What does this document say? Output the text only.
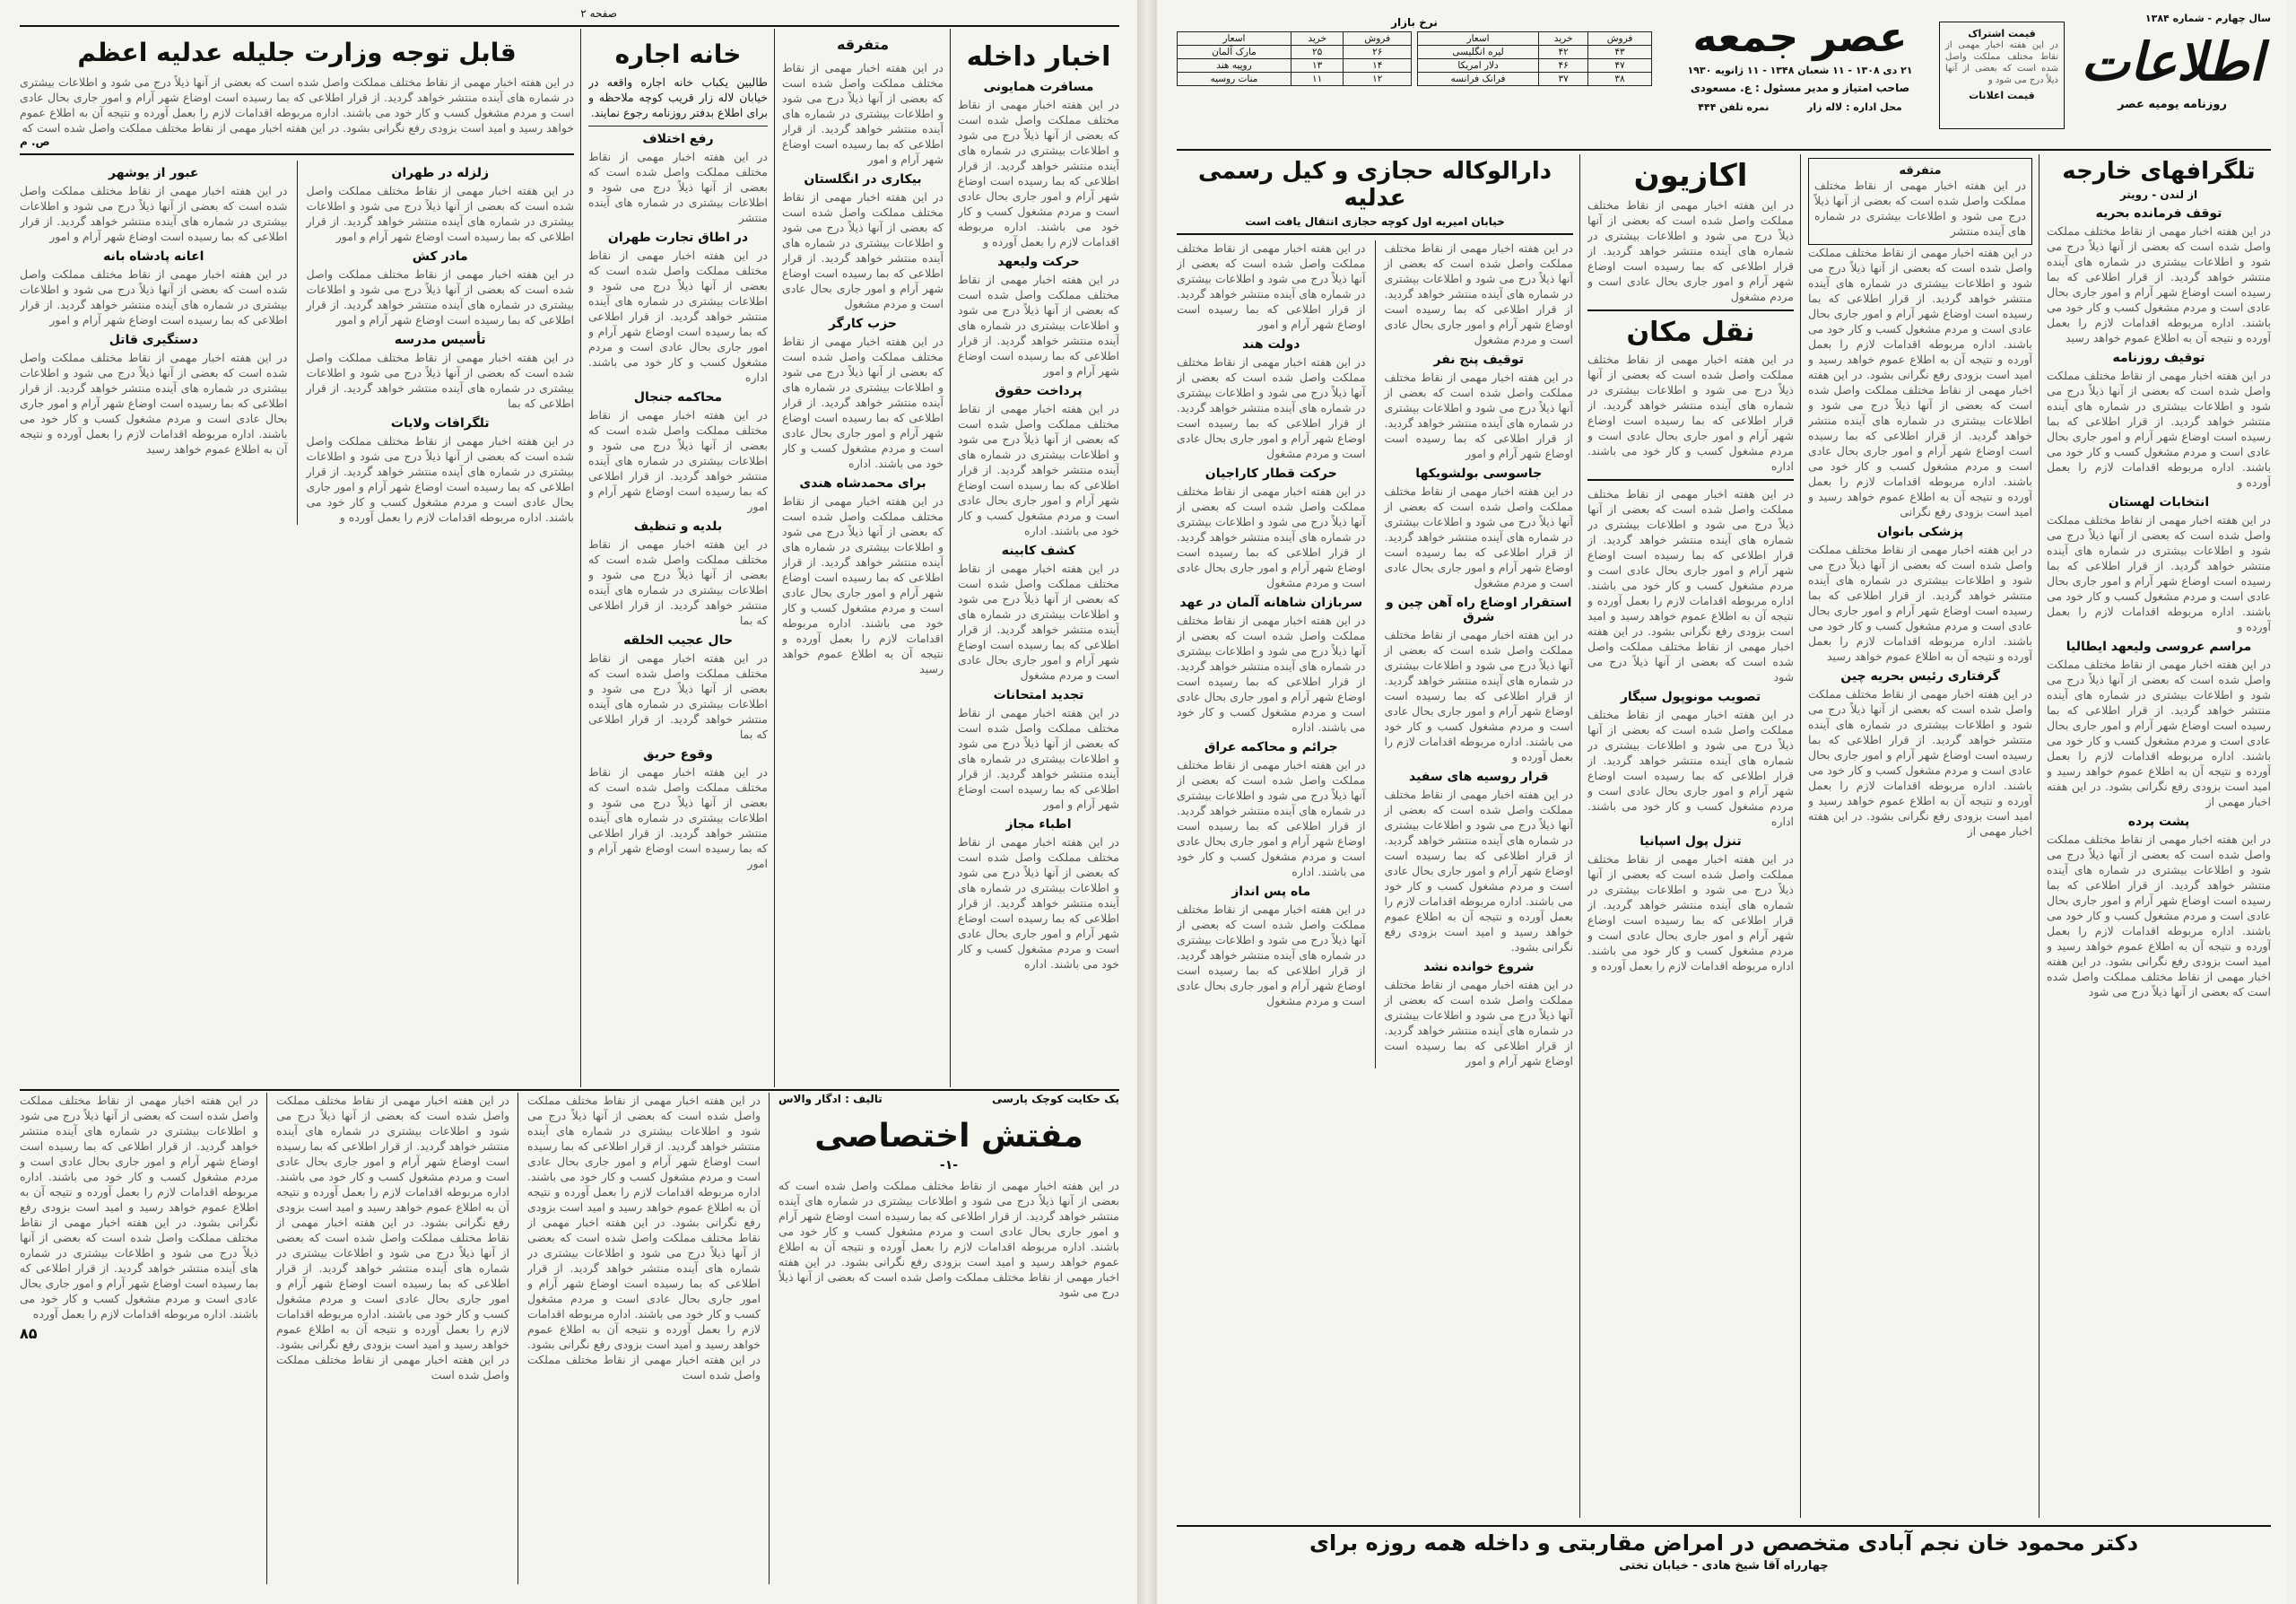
صفحه ۲
اخبار داخله
مسافرت همایونی
در این هفته اخبار مهمی از نقاط مختلف مملکت واصل شده است که بعضی از آنها ذیلاً درج می شود و اطلاعات بیشتری در شماره های آینده منتشر خواهد گردید. از قرار اطلاعی که بما رسیده است اوضاع شهر آرام و امور جاری بحال عادی است و مردم مشغول کسب و کار خود می باشند. اداره مربوطه اقدامات لازم را بعمل آورده و
حرکت ولیعهد
در این هفته اخبار مهمی از نقاط مختلف مملکت واصل شده است که بعضی از آنها ذیلاً درج می شود و اطلاعات بیشتری در شماره های آینده منتشر خواهد گردید. از قرار اطلاعی که بما رسیده است اوضاع شهر آرام و امور
پرداخت حقوق
در این هفته اخبار مهمی از نقاط مختلف مملکت واصل شده است که بعضی از آنها ذیلاً درج می شود و اطلاعات بیشتری در شماره های آینده منتشر خواهد گردید. از قرار اطلاعی که بما رسیده است اوضاع شهر آرام و امور جاری بحال عادی است و مردم مشغول کسب و کار خود می باشند. اداره
کشف کابینه
در این هفته اخبار مهمی از نقاط مختلف مملکت واصل شده است که بعضی از آنها ذیلاً درج می شود و اطلاعات بیشتری در شماره های آینده منتشر خواهد گردید. از قرار اطلاعی که بما رسیده است اوضاع شهر آرام و امور جاری بحال عادی است و مردم مشغول
تجدید امتحانات
در این هفته اخبار مهمی از نقاط مختلف مملکت واصل شده است که بعضی از آنها ذیلاً درج می شود و اطلاعات بیشتری در شماره های آینده منتشر خواهد گردید. از قرار اطلاعی که بما رسیده است اوضاع شهر آرام و امور
اطباء مجاز
در این هفته اخبار مهمی از نقاط مختلف مملکت واصل شده است که بعضی از آنها ذیلاً درج می شود و اطلاعات بیشتری در شماره های آینده منتشر خواهد گردید. از قرار اطلاعی که بما رسیده است اوضاع شهر آرام و امور جاری بحال عادی است و مردم مشغول کسب و کار خود می باشند. اداره
متفرقه
در این هفته اخبار مهمی از نقاط مختلف مملکت واصل شده است که بعضی از آنها ذیلاً درج می شود و اطلاعات بیشتری در شماره های آینده منتشر خواهد گردید. از قرار اطلاعی که بما رسیده است اوضاع شهر آرام و امور
بیکاری در انگلستان
در این هفته اخبار مهمی از نقاط مختلف مملکت واصل شده است که بعضی از آنها ذیلاً درج می شود و اطلاعات بیشتری در شماره های آینده منتشر خواهد گردید. از قرار اطلاعی که بما رسیده است اوضاع شهر آرام و امور جاری بحال عادی است و مردم مشغول
حزب کارگر
در این هفته اخبار مهمی از نقاط مختلف مملکت واصل شده است که بعضی از آنها ذیلاً درج می شود و اطلاعات بیشتری در شماره های آینده منتشر خواهد گردید. از قرار اطلاعی که بما رسیده است اوضاع شهر آرام و امور جاری بحال عادی است و مردم مشغول کسب و کار خود می باشند. اداره
برای محمدشاه هندی
در این هفته اخبار مهمی از نقاط مختلف مملکت واصل شده است که بعضی از آنها ذیلاً درج می شود و اطلاعات بیشتری در شماره های آینده منتشر خواهد گردید. از قرار اطلاعی که بما رسیده است اوضاع شهر آرام و امور جاری بحال عادی است و مردم مشغول کسب و کار خود می باشند. اداره مربوطه اقدامات لازم را بعمل آورده و نتیجه آن به اطلاع عموم خواهد رسید
خانه اجاره
طالبین یکباب خانه اجاره واقعه در خیابان لاله زار قریب کوچه ملاحظه و برای اطلاع بدفتر روزنامه رجوع نمایند.
رفع اختلاف
در این هفته اخبار مهمی از نقاط مختلف مملکت واصل شده است که بعضی از آنها ذیلاً درج می شود و اطلاعات بیشتری در شماره های آینده منتشر
در اطاق تجارت طهران
در این هفته اخبار مهمی از نقاط مختلف مملکت واصل شده است که بعضی از آنها ذیلاً درج می شود و اطلاعات بیشتری در شماره های آینده منتشر خواهد گردید. از قرار اطلاعی که بما رسیده است اوضاع شهر آرام و امور جاری بحال عادی است و مردم مشغول کسب و کار خود می باشند. اداره
محاکمه جنجال
در این هفته اخبار مهمی از نقاط مختلف مملکت واصل شده است که بعضی از آنها ذیلاً درج می شود و اطلاعات بیشتری در شماره های آینده منتشر خواهد گردید. از قرار اطلاعی که بما رسیده است اوضاع شهر آرام و امور
بلدیه و تنظیف
در این هفته اخبار مهمی از نقاط مختلف مملکت واصل شده است که بعضی از آنها ذیلاً درج می شود و اطلاعات بیشتری در شماره های آینده منتشر خواهد گردید. از قرار اطلاعی که بما
حال عجیب الخلقه
در این هفته اخبار مهمی از نقاط مختلف مملکت واصل شده است که بعضی از آنها ذیلاً درج می شود و اطلاعات بیشتری در شماره های آینده منتشر خواهد گردید. از قرار اطلاعی که بما
وقوع حریق
در این هفته اخبار مهمی از نقاط مختلف مملکت واصل شده است که بعضی از آنها ذیلاً درج می شود و اطلاعات بیشتری در شماره های آینده منتشر خواهد گردید. از قرار اطلاعی که بما رسیده است اوضاع شهر آرام و امور
قابل توجه وزارت جلیله عدلیه اعظم
در این هفته اخبار مهمی از نقاط مختلف مملکت واصل شده است که بعضی از آنها ذیلاً درج می شود و اطلاعات بیشتری در شماره های آینده منتشر خواهد گردید. از قرار اطلاعی که بما رسیده است اوضاع شهر آرام و امور جاری بحال عادی است و مردم مشغول کسب و کار خود می باشند. اداره مربوطه اقدامات لازم را بعمل آورده و نتیجه آن به اطلاع عموم خواهد رسید و امید است بزودی رفع نگرانی بشود. در این هفته اخبار مهمی از نقاط مختلف مملکت واصل شده است که
ص. م
زلزله در طهران
در این هفته اخبار مهمی از نقاط مختلف مملکت واصل شده است که بعضی از آنها ذیلاً درج می شود و اطلاعات بیشتری در شماره های آینده منتشر خواهد گردید. از قرار اطلاعی که بما رسیده است اوضاع شهر آرام و امور
مادر کش
در این هفته اخبار مهمی از نقاط مختلف مملکت واصل شده است که بعضی از آنها ذیلاً درج می شود و اطلاعات بیشتری در شماره های آینده منتشر خواهد گردید. از قرار اطلاعی که بما رسیده است اوضاع شهر آرام و امور
تأسیس مدرسه
در این هفته اخبار مهمی از نقاط مختلف مملکت واصل شده است که بعضی از آنها ذیلاً درج می شود و اطلاعات بیشتری در شماره های آینده منتشر خواهد گردید. از قرار اطلاعی که بما
تلگرافات ولایات
در این هفته اخبار مهمی از نقاط مختلف مملکت واصل شده است که بعضی از آنها ذیلاً درج می شود و اطلاعات بیشتری در شماره های آینده منتشر خواهد گردید. از قرار اطلاعی که بما رسیده است اوضاع شهر آرام و امور جاری بحال عادی است و مردم مشغول کسب و کار خود می باشند. اداره مربوطه اقدامات لازم را بعمل آورده و
عبور از یوشهر
در این هفته اخبار مهمی از نقاط مختلف مملکت واصل شده است که بعضی از آنها ذیلاً درج می شود و اطلاعات بیشتری در شماره های آینده منتشر خواهد گردید. از قرار اطلاعی که بما رسیده است اوضاع شهر آرام و امور
اعانه پادشاه بانه
در این هفته اخبار مهمی از نقاط مختلف مملکت واصل شده است که بعضی از آنها ذیلاً درج می شود و اطلاعات بیشتری در شماره های آینده منتشر خواهد گردید. از قرار اطلاعی که بما رسیده است اوضاع شهر آرام و امور
دستگیری قاتل
در این هفته اخبار مهمی از نقاط مختلف مملکت واصل شده است که بعضی از آنها ذیلاً درج می شود و اطلاعات بیشتری در شماره های آینده منتشر خواهد گردید. از قرار اطلاعی که بما رسیده است اوضاع شهر آرام و امور جاری بحال عادی است و مردم مشغول کسب و کار خود می باشند. اداره مربوطه اقدامات لازم را بعمل آورده و نتیجه آن به اطلاع عموم خواهد رسید
یک حکایت کوچک پارسی
تالیف : ادگار والاس
مفتش اختصاصی
-۱-
در این هفته اخبار مهمی از نقاط مختلف مملکت واصل شده است که بعضی از آنها ذیلاً درج می شود و اطلاعات بیشتری در شماره های آینده منتشر خواهد گردید. از قرار اطلاعی که بما رسیده است اوضاع شهر آرام و امور جاری بحال عادی است و مردم مشغول کسب و کار خود می باشند. اداره مربوطه اقدامات لازم را بعمل آورده و نتیجه آن به اطلاع عموم خواهد رسید و امید است بزودی رفع نگرانی بشود. در این هفته اخبار مهمی از نقاط مختلف مملکت واصل شده است که بعضی از آنها ذیلاً درج می شود
در این هفته اخبار مهمی از نقاط مختلف مملکت واصل شده است که بعضی از آنها ذیلاً درج می شود و اطلاعات بیشتری در شماره های آینده منتشر خواهد گردید. از قرار اطلاعی که بما رسیده است اوضاع شهر آرام و امور جاری بحال عادی است و مردم مشغول کسب و کار خود می باشند. اداره مربوطه اقدامات لازم را بعمل آورده و نتیجه آن به اطلاع عموم خواهد رسید و امید است بزودی رفع نگرانی بشود. در این هفته اخبار مهمی از نقاط مختلف مملکت واصل شده است که بعضی از آنها ذیلاً درج می شود و اطلاعات بیشتری در شماره های آینده منتشر خواهد گردید. از قرار اطلاعی که بما رسیده است اوضاع شهر آرام و امور جاری بحال عادی است و مردم مشغول کسب و کار خود می باشند. اداره مربوطه اقدامات لازم را بعمل آورده و نتیجه آن به اطلاع عموم خواهد رسید و امید است بزودی رفع نگرانی بشود. در این هفته اخبار مهمی از نقاط مختلف مملکت واصل شده است
در این هفته اخبار مهمی از نقاط مختلف مملکت واصل شده است که بعضی از آنها ذیلاً درج می شود و اطلاعات بیشتری در شماره های آینده منتشر خواهد گردید. از قرار اطلاعی که بما رسیده است اوضاع شهر آرام و امور جاری بحال عادی است و مردم مشغول کسب و کار خود می باشند. اداره مربوطه اقدامات لازم را بعمل آورده و نتیجه آن به اطلاع عموم خواهد رسید و امید است بزودی رفع نگرانی بشود. در این هفته اخبار مهمی از نقاط مختلف مملکت واصل شده است که بعضی از آنها ذیلاً درج می شود و اطلاعات بیشتری در شماره های آینده منتشر خواهد گردید. از قرار اطلاعی که بما رسیده است اوضاع شهر آرام و امور جاری بحال عادی است و مردم مشغول کسب و کار خود می باشند. اداره مربوطه اقدامات لازم را بعمل آورده و نتیجه آن به اطلاع عموم خواهد رسید و امید است بزودی رفع نگرانی بشود. در این هفته اخبار مهمی از نقاط مختلف مملکت واصل شده است
در این هفته اخبار مهمی از نقاط مختلف مملکت واصل شده است که بعضی از آنها ذیلاً درج می شود و اطلاعات بیشتری در شماره های آینده منتشر خواهد گردید. از قرار اطلاعی که بما رسیده است اوضاع شهر آرام و امور جاری بحال عادی است و مردم مشغول کسب و کار خود می باشند. اداره مربوطه اقدامات لازم را بعمل آورده و نتیجه آن به اطلاع عموم خواهد رسید و امید است بزودی رفع نگرانی بشود. در این هفته اخبار مهمی از نقاط مختلف مملکت واصل شده است که بعضی از آنها ذیلاً درج می شود و اطلاعات بیشتری در شماره های آینده منتشر خواهد گردید. از قرار اطلاعی که بما رسیده است اوضاع شهر آرام و امور جاری بحال عادی است و مردم مشغول کسب و کار خود می باشند. اداره مربوطه اقدامات لازم را بعمل آورده
۸۵
سال چهارم - شماره ۱۳۸۴
اطلاعات
روزنامه یومیه عصر
قیمت اشتراک
در این هفته اخبار مهمی از نقاط مختلف مملکت واصل شده است که بعضی از آنها ذیلاً درج می شود و
قیمت اعلانات
عصر جمعه
۲۱ دی ۱۳۰۸ - ۱۱ شعبان ۱۳۴۸ - ۱۱ ژانویه ۱۹۳۰
صاحب امتیاز و مدیر مسئول : ع. مسعودی
محل اداره : لاله زار
نمره تلفن ۴۴۴
نرخ بازار
فروش	خرید	اسعار
۴۳	۴۲	لیره انگلیسی
۴۷	۴۶	دلار امریکا
۳۸	۳۷	فرانک فرانسه
فروش	خرید	اسعار
۲۶	۲۵	مارک آلمان
۱۴	۱۳	روپیه هند
۱۲	۱۱	منات روسیه
تلگرافهای خارجه
از لندن - رویتر
توقف فرمانده بحریه
در این هفته اخبار مهمی از نقاط مختلف مملکت واصل شده است که بعضی از آنها ذیلاً درج می شود و اطلاعات بیشتری در شماره های آینده منتشر خواهد گردید. از قرار اطلاعی که بما رسیده است اوضاع شهر آرام و امور جاری بحال عادی است و مردم مشغول کسب و کار خود می باشند. اداره مربوطه اقدامات لازم را بعمل آورده و نتیجه آن به اطلاع عموم خواهد رسید
توقیف روزنامه
در این هفته اخبار مهمی از نقاط مختلف مملکت واصل شده است که بعضی از آنها ذیلاً درج می شود و اطلاعات بیشتری در شماره های آینده منتشر خواهد گردید. از قرار اطلاعی که بما رسیده است اوضاع شهر آرام و امور جاری بحال عادی است و مردم مشغول کسب و کار خود می باشند. اداره مربوطه اقدامات لازم را بعمل آورده و
انتخابات لهستان
در این هفته اخبار مهمی از نقاط مختلف مملکت واصل شده است که بعضی از آنها ذیلاً درج می شود و اطلاعات بیشتری در شماره های آینده منتشر خواهد گردید. از قرار اطلاعی که بما رسیده است اوضاع شهر آرام و امور جاری بحال عادی است و مردم مشغول کسب و کار خود می باشند. اداره مربوطه اقدامات لازم را بعمل آورده و
مراسم عروسی ولیعهد ایطالیا
در این هفته اخبار مهمی از نقاط مختلف مملکت واصل شده است که بعضی از آنها ذیلاً درج می شود و اطلاعات بیشتری در شماره های آینده منتشر خواهد گردید. از قرار اطلاعی که بما رسیده است اوضاع شهر آرام و امور جاری بحال عادی است و مردم مشغول کسب و کار خود می باشند. اداره مربوطه اقدامات لازم را بعمل آورده و نتیجه آن به اطلاع عموم خواهد رسید و امید است بزودی رفع نگرانی بشود. در این هفته اخبار مهمی از
پشت پرده
در این هفته اخبار مهمی از نقاط مختلف مملکت واصل شده است که بعضی از آنها ذیلاً درج می شود و اطلاعات بیشتری در شماره های آینده منتشر خواهد گردید. از قرار اطلاعی که بما رسیده است اوضاع شهر آرام و امور جاری بحال عادی است و مردم مشغول کسب و کار خود می باشند. اداره مربوطه اقدامات لازم را بعمل آورده و نتیجه آن به اطلاع عموم خواهد رسید و امید است بزودی رفع نگرانی بشود. در این هفته اخبار مهمی از نقاط مختلف مملکت واصل شده است که بعضی از آنها ذیلاً درج می شود
متفرقه
در این هفته اخبار مهمی از نقاط مختلف مملکت واصل شده است که بعضی از آنها ذیلاً درج می شود و اطلاعات بیشتری در شماره های آینده منتشر
در این هفته اخبار مهمی از نقاط مختلف مملکت واصل شده است که بعضی از آنها ذیلاً درج می شود و اطلاعات بیشتری در شماره های آینده منتشر خواهد گردید. از قرار اطلاعی که بما رسیده است اوضاع شهر آرام و امور جاری بحال عادی است و مردم مشغول کسب و کار خود می باشند. اداره مربوطه اقدامات لازم را بعمل آورده و نتیجه آن به اطلاع عموم خواهد رسید و امید است بزودی رفع نگرانی بشود. در این هفته اخبار مهمی از نقاط مختلف مملکت واصل شده است که بعضی از آنها ذیلاً درج می شود و اطلاعات بیشتری در شماره های آینده منتشر خواهد گردید. از قرار اطلاعی که بما رسیده است اوضاع شهر آرام و امور جاری بحال عادی است و مردم مشغول کسب و کار خود می باشند. اداره مربوطه اقدامات لازم را بعمل آورده و نتیجه آن به اطلاع عموم خواهد رسید و امید است بزودی رفع نگرانی
پزشکی بانوان
در این هفته اخبار مهمی از نقاط مختلف مملکت واصل شده است که بعضی از آنها ذیلاً درج می شود و اطلاعات بیشتری در شماره های آینده منتشر خواهد گردید. از قرار اطلاعی که بما رسیده است اوضاع شهر آرام و امور جاری بحال عادی است و مردم مشغول کسب و کار خود می باشند. اداره مربوطه اقدامات لازم را بعمل آورده و نتیجه آن به اطلاع عموم خواهد رسید
گرفتاری رئیس بحریه چین
در این هفته اخبار مهمی از نقاط مختلف مملکت واصل شده است که بعضی از آنها ذیلاً درج می شود و اطلاعات بیشتری در شماره های آینده منتشر خواهد گردید. از قرار اطلاعی که بما رسیده است اوضاع شهر آرام و امور جاری بحال عادی است و مردم مشغول کسب و کار خود می باشند. اداره مربوطه اقدامات لازم را بعمل آورده و نتیجه آن به اطلاع عموم خواهد رسید و امید است بزودی رفع نگرانی بشود. در این هفته اخبار مهمی از
اکازیون
در این هفته اخبار مهمی از نقاط مختلف مملکت واصل شده است که بعضی از آنها ذیلاً درج می شود و اطلاعات بیشتری در شماره های آینده منتشر خواهد گردید. از قرار اطلاعی که بما رسیده است اوضاع شهر آرام و امور جاری بحال عادی است و مردم مشغول
نقل مکان
در این هفته اخبار مهمی از نقاط مختلف مملکت واصل شده است که بعضی از آنها ذیلاً درج می شود و اطلاعات بیشتری در شماره های آینده منتشر خواهد گردید. از قرار اطلاعی که بما رسیده است اوضاع شهر آرام و امور جاری بحال عادی است و مردم مشغول کسب و کار خود می باشند. اداره
در این هفته اخبار مهمی از نقاط مختلف مملکت واصل شده است که بعضی از آنها ذیلاً درج می شود و اطلاعات بیشتری در شماره های آینده منتشر خواهد گردید. از قرار اطلاعی که بما رسیده است اوضاع شهر آرام و امور جاری بحال عادی است و مردم مشغول کسب و کار خود می باشند. اداره مربوطه اقدامات لازم را بعمل آورده و نتیجه آن به اطلاع عموم خواهد رسید و امید است بزودی رفع نگرانی بشود. در این هفته اخبار مهمی از نقاط مختلف مملکت واصل شده است که بعضی از آنها ذیلاً درج می شود
تصویب مونوپول سیگار
در این هفته اخبار مهمی از نقاط مختلف مملکت واصل شده است که بعضی از آنها ذیلاً درج می شود و اطلاعات بیشتری در شماره های آینده منتشر خواهد گردید. از قرار اطلاعی که بما رسیده است اوضاع شهر آرام و امور جاری بحال عادی است و مردم مشغول کسب و کار خود می باشند. اداره
تنزل پول اسپانیا
در این هفته اخبار مهمی از نقاط مختلف مملکت واصل شده است که بعضی از آنها ذیلاً درج می شود و اطلاعات بیشتری در شماره های آینده منتشر خواهد گردید. از قرار اطلاعی که بما رسیده است اوضاع شهر آرام و امور جاری بحال عادی است و مردم مشغول کسب و کار خود می باشند. اداره مربوطه اقدامات لازم را بعمل آورده و
دارالوکاله حجازی و کیل رسمی عدلیه
خیابان امیریه اول کوچه حجازی انتقال یافت است
در این هفته اخبار مهمی از نقاط مختلف مملکت واصل شده است که بعضی از آنها ذیلاً درج می شود و اطلاعات بیشتری در شماره های آینده منتشر خواهد گردید. از قرار اطلاعی که بما رسیده است اوضاع شهر آرام و امور جاری بحال عادی است و مردم مشغول
توقیف پنج نفر
در این هفته اخبار مهمی از نقاط مختلف مملکت واصل شده است که بعضی از آنها ذیلاً درج می شود و اطلاعات بیشتری در شماره های آینده منتشر خواهد گردید. از قرار اطلاعی که بما رسیده است اوضاع شهر آرام و امور
جاسوسی بولشویکها
در این هفته اخبار مهمی از نقاط مختلف مملکت واصل شده است که بعضی از آنها ذیلاً درج می شود و اطلاعات بیشتری در شماره های آینده منتشر خواهد گردید. از قرار اطلاعی که بما رسیده است اوضاع شهر آرام و امور جاری بحال عادی است و مردم مشغول
استقرار اوضاع راه آهن چین و شرق
در این هفته اخبار مهمی از نقاط مختلف مملکت واصل شده است که بعضی از آنها ذیلاً درج می شود و اطلاعات بیشتری در شماره های آینده منتشر خواهد گردید. از قرار اطلاعی که بما رسیده است اوضاع شهر آرام و امور جاری بحال عادی است و مردم مشغول کسب و کار خود می باشند. اداره مربوطه اقدامات لازم را بعمل آورده و
قرار روسیه های سفید
در این هفته اخبار مهمی از نقاط مختلف مملکت واصل شده است که بعضی از آنها ذیلاً درج می شود و اطلاعات بیشتری در شماره های آینده منتشر خواهد گردید. از قرار اطلاعی که بما رسیده است اوضاع شهر آرام و امور جاری بحال عادی است و مردم مشغول کسب و کار خود می باشند. اداره مربوطه اقدامات لازم را بعمل آورده و نتیجه آن به اطلاع عموم خواهد رسید و امید است بزودی رفع نگرانی بشود.
شروع خوانده نشد
در این هفته اخبار مهمی از نقاط مختلف مملکت واصل شده است که بعضی از آنها ذیلاً درج می شود و اطلاعات بیشتری در شماره های آینده منتشر خواهد گردید. از قرار اطلاعی که بما رسیده است اوضاع شهر آرام و امور
در این هفته اخبار مهمی از نقاط مختلف مملکت واصل شده است که بعضی از آنها ذیلاً درج می شود و اطلاعات بیشتری در شماره های آینده منتشر خواهد گردید. از قرار اطلاعی که بما رسیده است اوضاع شهر آرام و امور
دولت هند
در این هفته اخبار مهمی از نقاط مختلف مملکت واصل شده است که بعضی از آنها ذیلاً درج می شود و اطلاعات بیشتری در شماره های آینده منتشر خواهد گردید. از قرار اطلاعی که بما رسیده است اوضاع شهر آرام و امور جاری بحال عادی است و مردم مشغول
حرکت قطار کاراجیان
در این هفته اخبار مهمی از نقاط مختلف مملکت واصل شده است که بعضی از آنها ذیلاً درج می شود و اطلاعات بیشتری در شماره های آینده منتشر خواهد گردید. از قرار اطلاعی که بما رسیده است اوضاع شهر آرام و امور جاری بحال عادی است و مردم مشغول
سربازان شاهانه آلمان در عهد
در این هفته اخبار مهمی از نقاط مختلف مملکت واصل شده است که بعضی از آنها ذیلاً درج می شود و اطلاعات بیشتری در شماره های آینده منتشر خواهد گردید. از قرار اطلاعی که بما رسیده است اوضاع شهر آرام و امور جاری بحال عادی است و مردم مشغول کسب و کار خود می باشند. اداره
جرائم و محاکمه عراق
در این هفته اخبار مهمی از نقاط مختلف مملکت واصل شده است که بعضی از آنها ذیلاً درج می شود و اطلاعات بیشتری در شماره های آینده منتشر خواهد گردید. از قرار اطلاعی که بما رسیده است اوضاع شهر آرام و امور جاری بحال عادی است و مردم مشغول کسب و کار خود می باشند. اداره
ماه پس انداز
در این هفته اخبار مهمی از نقاط مختلف مملکت واصل شده است که بعضی از آنها ذیلاً درج می شود و اطلاعات بیشتری در شماره های آینده منتشر خواهد گردید. از قرار اطلاعی که بما رسیده است اوضاع شهر آرام و امور جاری بحال عادی است و مردم مشغول
دکتر محمود خان نجم آبادی متخصص در امراض مقاربتی و داخله همه روزه برای
چهارراه آقا شیخ هادی - خیابان تختی
